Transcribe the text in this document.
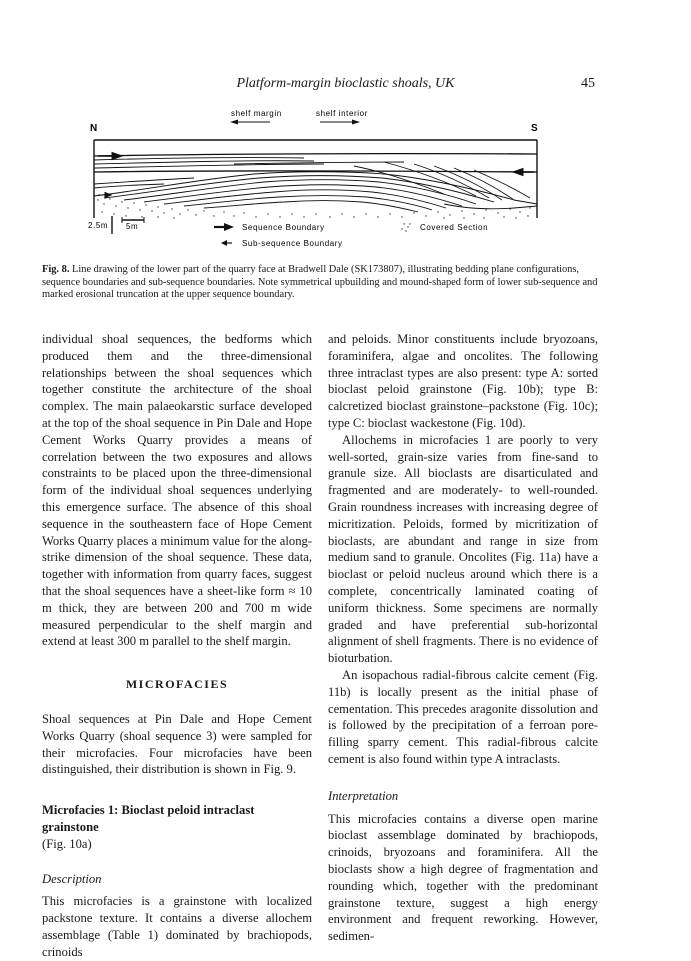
Platform-margin bioclastic shoals, UK	45
shelf margin	shelf interior
N	S
2.5m 5m	Sequence Boundary
Sub-sequence Boundary
Covered Section
Fig. 8. Line drawing of the lower part of the quarry face at Bradwell Dale (SK173807), illustrating bedding plane configurations, sequence boundaries and sub-sequence boundaries. Note symmetrical upbuilding and mound-shaped form of lower sub-sequence and marked erosional truncation at the upper sequence boundary.

individual shoal sequences, the bedforms which produced them and the three-dimensional relationships between the shoal sequences which together constitute the architecture of the shoal complex. The main palaeokarstic surface developed at the top of the shoal sequence in Pin Dale and Hope Cement Works Quarry provides a means of correlation between the two exposures and allows constraints to be placed upon the three-dimensional form of the individual shoal sequences underlying this emergence surface. The absence of this shoal sequence in the southeastern face of Hope Cement Works Quarry places a minimum value for the along-strike dimension of the shoal sequence. These data, together with information from quarry faces, suggest that the shoal sequences have a sheet-like form ≈ 10 m thick, they are between 200 and 700 m wide measured perpendicular to the shelf margin and extend at least 300 m parallel to the shelf margin.

MICROFACIES

Shoal sequences at Pin Dale and Hope Cement Works Quarry (shoal sequence 3) were sampled for their microfacies. Four microfacies have been distinguished, their distribution is shown in Fig. 9.

Microfacies 1: Bioclast peloid intraclast grainstone
(Fig. 10a)
Description

This microfacies is a grainstone with localized packstone texture. It contains a diverse allochem assemblage (Table 1) dominated by brachiopods, crinoids

and peloids. Minor constituents include bryozoans, foraminifera, algae and oncolites. The following three intraclast types are also present: type A: sorted bioclast peloid grainstone (Fig. 10b); type B: calcretized bioclast grainstone–packstone (Fig. 10c); type C: bioclast wackestone (Fig. 10d).

Allochems in microfacies 1 are poorly to very well-sorted, grain-size varies from fine-sand to granule size. All bioclasts are disarticulated and fragmented and are moderately- to well-rounded. Grain roundness increases with increasing degree of micritization. Peloids, formed by micritization of bioclasts, are abundant and range in size from medium sand to granule. Oncolites (Fig. 11a) have a bioclast or peloid nucleus around which there is a complete, concentrically laminated coating of uniform thickness. Some specimens are normally graded and have preferential sub-horizontal alignment of shell fragments. There is no evidence of bioturbation.

An isopachous radial-fibrous calcite cement (Fig. 11b) is locally present as the initial phase of cementation. This precedes aragonite dissolution and is followed by the precipitation of a ferroan pore-filling sparry cement. This radial-fibrous calcite cement is also found within type A intraclasts.

Interpretation

This microfacies contains a diverse open marine bioclast assemblage dominated by brachiopods, crinoids, bryozoans and foraminifera. All the bioclasts show a high degree of fragmentation and rounding which, together with the predominant grainstone texture, suggest a high energy environment and frequent reworking. However, sedimen-
